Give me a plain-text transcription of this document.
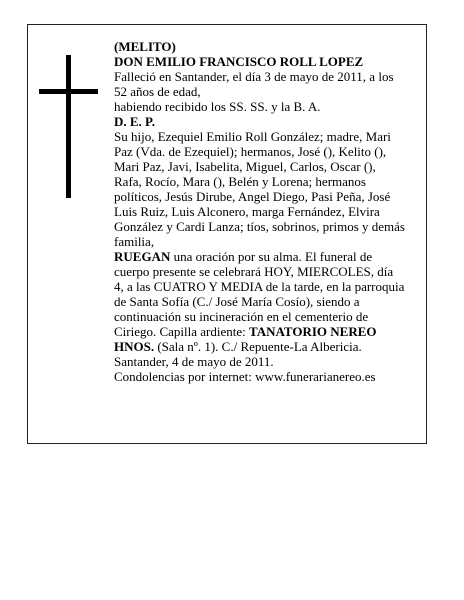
(MELITO)

DON EMILIO FRANCISCO ROLL LOPEZ

Falleció en Santander, el día 3 de mayo de 2011, a los 52 años de edad,

habiendo recibido los SS. SS. y la B. A.

D. E. P.

Su hijo, Ezequiel Emilio Roll González; madre, Mari Paz (Vda. de Ezequiel); hermanos, José (), Kelito (), Mari Paz, Javi, Isabelita, Miguel, Carlos, Oscar (), Rafa, Rocío, Mara (), Belén y Lorena; hermanos políticos, Jesús Dirube, Angel Diego, Pasi Peña, José Luis Ruiz, Luis Alconero, marga Fernández, Elvira González y Cardi Lanza; tíos, sobrinos, primos y demás familia,

RUEGAN una oración por su alma. El funeral de cuerpo presente se celebrará HOY, MIERCOLES, día 4, a las CUATRO Y MEDIA de la tarde, en la parroquia de Santa Sofía (C./ José María Cosío), siendo a continuación su incineración en el cementerio de Ciriego. Capilla ardiente: TANATORIO NEREO HNOS. (Sala nº. 1). C./ Repuente-La Albericia.

Santander, 4 de mayo de 2011.

Condolencias por internet: www.funerarianereo.es
